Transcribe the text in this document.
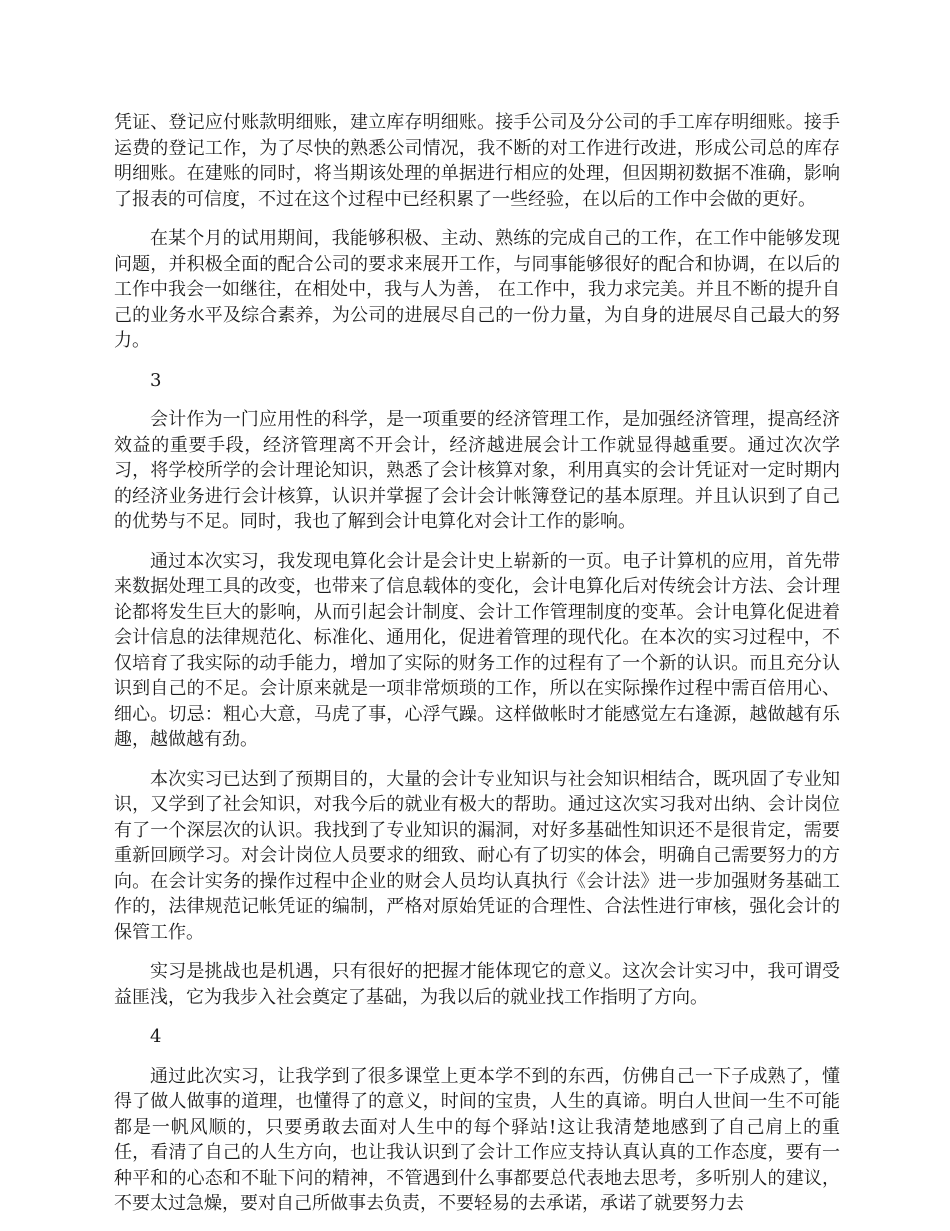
凭证、登记应付账款明细账，建立库存明细账。接手公司及分公司的手工库存明细账。接手运费的登记工作，为了尽快的熟悉公司情况，我不断的对工作进行改进，形成公司总的库存明细账。在建账的同时，将当期该处理的单据进行相应的处理，但因期初数据不准确，影响了报表的可信度，不过在这个过程中已经积累了一些经验，在以后的工作中会做的更好。

在某个月的试用期间，我能够积极、主动、熟练的完成自己的工作，在工作中能够发现问题，并积极全面的配合公司的要求来展开工作，与同事能够很好的配合和协调，在以后的工作中我会一如继往，在相处中，我与人为善， 在工作中，我力求完美。并且不断的提升自己的业务水平及综合素养，为公司的进展尽自己的一份力量，为自身的进展尽自己最大的努力。

3

会计作为一门应用性的科学，是一项重要的经济管理工作，是加强经济管理，提高经济效益的重要手段，经济管理离不开会计，经济越进展会计工作就显得越重要。通过次次学习，将学校所学的会计理论知识，熟悉了会计核算对象，利用真实的会计凭证对一定时期内的经济业务进行会计核算，认识并掌握了会计会计帐簿登记的基本原理。并且认识到了自己的优势与不足。同时，我也了解到会计电算化对会计工作的影响。

通过本次实习，我发现电算化会计是会计史上崭新的一页。电子计算机的应用，首先带来数据处理工具的改变，也带来了信息载体的变化，会计电算化后对传统会计方法、会计理论都将发生巨大的影响，从而引起会计制度、会计工作管理制度的变革。会计电算化促进着会计信息的法律规范化、标准化、通用化，促进着管理的现代化。在本次的实习过程中，不仅培育了我实际的动手能力，增加了实际的财务工作的过程有了一个新的认识。而且充分认识到自己的不足。会计原来就是一项非常烦琐的工作，所以在实际操作过程中需百倍用心、细心。切忌：粗心大意，马虎了事，心浮气躁。这样做帐时才能感觉左右逢源，越做越有乐趣，越做越有劲。

本次实习已达到了预期目的，大量的会计专业知识与社会知识相结合，既巩固了专业知识，又学到了社会知识，对我今后的就业有极大的帮助。通过这次实习我对出纳、会计岗位有了一个深层次的认识。我找到了专业知识的漏洞，对好多基础性知识还不是很肯定，需要重新回顾学习。对会计岗位人员要求的细致、耐心有了切实的体会，明确自己需要努力的方向。在会计实务的操作过程中企业的财会人员均认真执行《会计法》进一步加强财务基础工作的，法律规范记帐凭证的编制，严格对原始凭证的合理性、合法性进行审核，强化会计的保管工作。

实习是挑战也是机遇，只有很好的把握才能体现它的意义。这次会计实习中，我可谓受益匪浅，它为我步入社会奠定了基础，为我以后的就业找工作指明了方向。

4

通过此次实习，让我学到了很多课堂上更本学不到的东西，仿佛自己一下子成熟了，懂得了做人做事的道理，也懂得了的意义，时间的宝贵，人生的真谛。明白人世间一生不可能都是一帆风顺的，只要勇敢去面对人生中的每个驿站!这让我清楚地感到了自己肩上的重任，看清了自己的人生方向，也让我认识到了会计工作应支持认真认真的工作态度，要有一种平和的心态和不耻下问的精神，不管遇到什么事都要总代表地去思考，多听别人的建议，不要太过急燥，要对自己所做事去负责，不要轻易的去承诺，承诺了就要努力去
